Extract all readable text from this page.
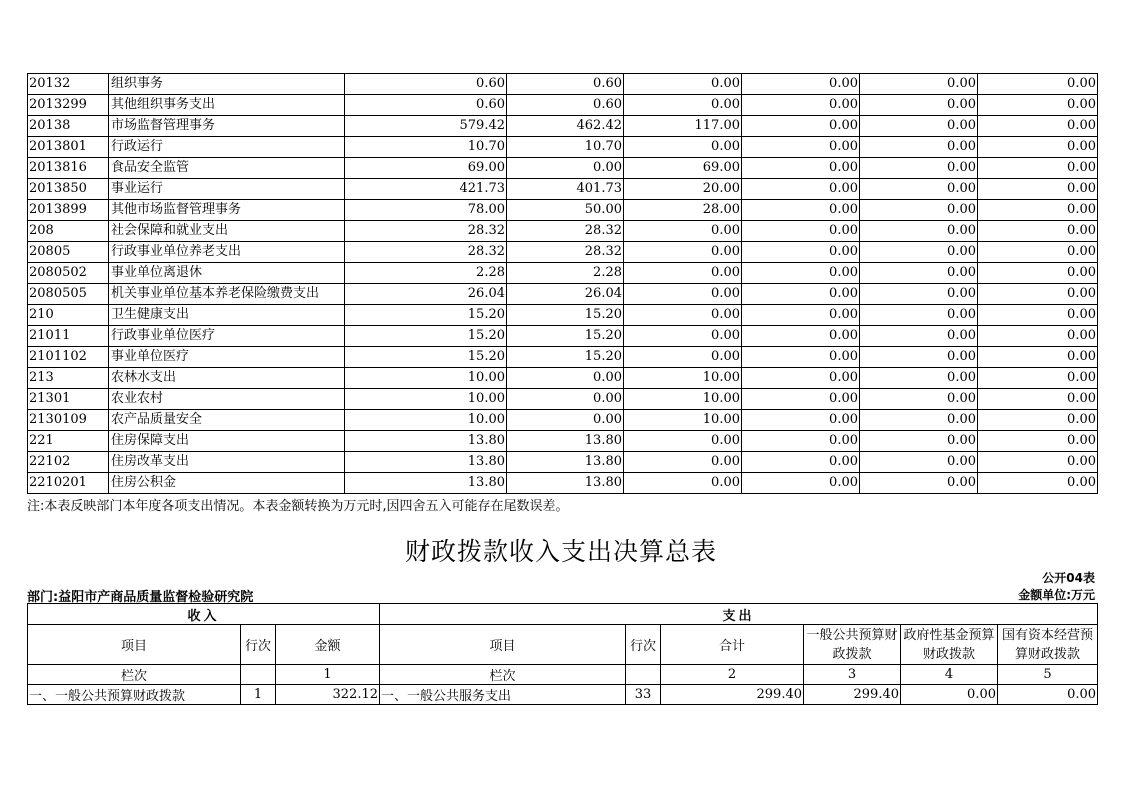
20132	组织事务	0.60	0.60	0.00	0.00	0.00	0.00
2013299	其他组织事务支出	0.60	0.60	0.00	0.00	0.00	0.00
20138	市场监督管理事务	579.42	462.42	117.00	0.00	0.00	0.00
2013801	行政运行	10.70	10.70	0.00	0.00	0.00	0.00
2013816	食品安全监管	69.00	0.00	69.00	0.00	0.00	0.00
2013850	事业运行	421.73	401.73	20.00	0.00	0.00	0.00
2013899	其他市场监督管理事务	78.00	50.00	28.00	0.00	0.00	0.00
208	社会保障和就业支出	28.32	28.32	0.00	0.00	0.00	0.00
20805	行政事业单位养老支出	28.32	28.32	0.00	0.00	0.00	0.00
2080502	事业单位离退休	2.28	2.28	0.00	0.00	0.00	0.00
2080505	机关事业单位基本养老保险缴费支出	26.04	26.04	0.00	0.00	0.00	0.00
210	卫生健康支出	15.20	15.20	0.00	0.00	0.00	0.00
21011	行政事业单位医疗	15.20	15.20	0.00	0.00	0.00	0.00
2101102	事业单位医疗	15.20	15.20	0.00	0.00	0.00	0.00
213	农林水支出	10.00	0.00	10.00	0.00	0.00	0.00
21301	农业农村	10.00	0.00	10.00	0.00	0.00	0.00
2130109	农产品质量安全	10.00	0.00	10.00	0.00	0.00	0.00
221	住房保障支出	13.80	13.80	0.00	0.00	0.00	0.00
22102	住房改革支出	13.80	13.80	0.00	0.00	0.00	0.00
2210201	住房公积金	13.80	13.80	0.00	0.00	0.00	0.00
注:本表反映部门本年度各项支出情况。本表金额转换为万元时,因四舍五入可能存在尾数误差。
财政拨款收入支出决算总表
公开04表
部门:益阳市产商品质量监督检验研究院	金额单位:万元
收入			支出					
项目	行次	金额	项目	行次	合计	一般公共预算财政拨款	政府性基金预算财政拨款	国有资本经营预算财政拨款
栏次		1	栏次		2	3	4	5
一、一般公共预算财政拨款	1	322.12	一、一般公共服务支出	33	299.40	299.40	0.00	0.00
